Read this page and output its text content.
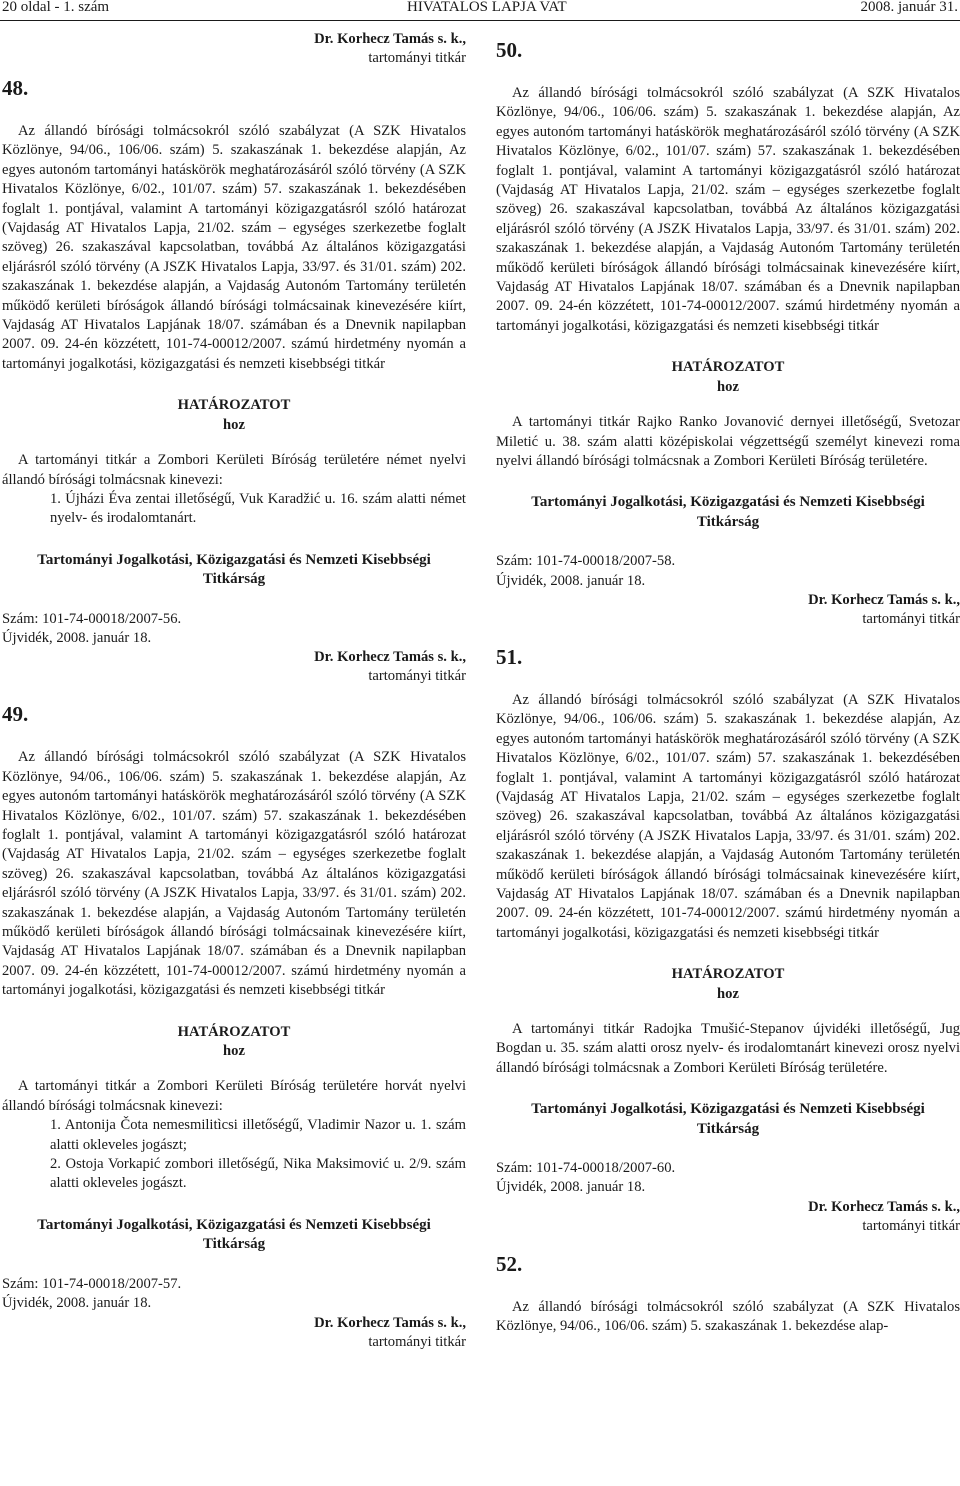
20 oldal - 1. szám	HIVATALOS LAPJA VAT	2008. január 31.
Dr. Korhecz Tamás s. k.,
tartományi titkár
48.

Az állandó bírósági tolmácsokról szóló szabályzat (A SZK Hivatalos Közlönye, 94/06., 106/06. szám) 5. szakaszának 1. bekezdése alapján, Az egyes autonóm tartományi hatáskörök meghatározásáról szóló törvény (A SZK Hivatalos Közlönye, 6/02., 101/07. szám) 57. szakaszának 1. bekezdésében foglalt 1. pontjával, valamint A tartományi közigazgatásról szóló határozat (Vajdaság AT Hivatalos Lapja, 21/02. szám – egységes szerkezetbe foglalt szöveg) 26. szakaszával kapcsolatban, továbbá Az általános közigazgatási eljárásról szóló törvény (A JSZK Hivatalos Lapja, 33/97. és 31/01. szám) 202. szakaszának 1. bekezdése alapján, a Vajdaság Autonóm Tartomány területén működő kerületi bíróságok állandó bírósági tolmácsainak kinevezésére kiírt, Vajdaság AT Hivatalos Lapjának 18/07. számában és a Dnevnik napilapban 2007. 09. 24-én közzétett, 101-74-00012/2007. számú hirdetmény nyomán a tartományi jogalkotási, közigazgatási és nemzeti kisebbségi titkár

HATÁROZATOT
hoz

A tartományi titkár a Zombori Kerületi Bíróság területére német nyelvi állandó bírósági tolmácsnak kinevezi:

1. Újházi Éva zentai illetőségű, Vuk Karadžić u. 16. szám alatti német nyelv- és irodalomtanárt.

Tartományi Jogalkotási, Közigazgatási és Nemzeti Kisebbségi
Titkárság

Szám: 101-74-00018/2007-56.

Újvidék, 2008. január 18.

Dr. Korhecz Tamás s. k.,
tartományi titkár
49.

Az állandó bírósági tolmácsokról szóló szabályzat (A SZK Hivatalos Közlönye, 94/06., 106/06. szám) 5. szakaszának 1. bekezdése alapján, Az egyes autonóm tartományi hatáskörök meghatározásáról szóló törvény (A SZK Hivatalos Közlönye, 6/02., 101/07. szám) 57. szakaszának 1. bekezdésében foglalt 1. pontjával, valamint A tartományi közigazgatásról szóló határozat (Vajdaság AT Hivatalos Lapja, 21/02. szám – egységes szerkezetbe foglalt szöveg) 26. szakaszával kapcsolatban, továbbá Az általános közigazgatási eljárásról szóló törvény (A JSZK Hivatalos Lapja, 33/97. és 31/01. szám) 202. szakaszának 1. bekezdése alapján, a Vajdaság Autonóm Tartomány területén működő kerületi bíróságok állandó bírósági tolmácsainak kinevezésére kiírt, Vajdaság AT Hivatalos Lapjának 18/07. számában és a Dnevnik napilapban 2007. 09. 24-én közzétett, 101-74-00012/2007. számú hirdetmény nyomán a tartományi jogalkotási, közigazgatási és nemzeti kisebbségi titkár

HATÁROZATOT
hoz

A tartományi titkár a Zombori Kerületi Bíróság területére horvát nyelvi állandó bírósági tolmácsnak kinevezi:

1. Antonija Čota nemesmilitìcsi illetőségű, Vladimir Nazor u. 1. szám alatti okleveles jogászt;

2. Ostoja Vorkapić zombori illetőségű, Nika Maksimović u. 2/9. szám alatti okleveles jogászt.

Tartományi Jogalkotási, Közigazgatási és Nemzeti Kisebbségi
Titkárság

Szám: 101-74-00018/2007-57.

Újvidék, 2008. január 18.

Dr. Korhecz Tamás s. k.,
tartományi titkár
50.

Az állandó bírósági tolmácsokról szóló szabályzat (A SZK Hivatalos Közlönye, 94/06., 106/06. szám) 5. szakaszának 1. bekezdése alapján, Az egyes autonóm tartományi hatáskörök meghatározásáról szóló törvény (A SZK Hivatalos Közlönye, 6/02., 101/07. szám) 57. szakaszának 1. bekezdésében foglalt 1. pontjával, valamint A tartományi közigazgatásról szóló határozat (Vajdaság AT Hivatalos Lapja, 21/02. szám – egységes szerkezetbe foglalt szöveg) 26. szakaszával kapcsolatban, továbbá Az általános közigazgatási eljárásról szóló törvény (A JSZK Hivatalos Lapja, 33/97. és 31/01. szám) 202. szakaszának 1. bekezdése alapján, a Vajdaság Autonóm Tartomány területén működő kerületi bíróságok állandó bírósági tolmácsainak kinevezésére kiírt, Vajdaság AT Hivatalos Lapjának 18/07. számában és a Dnevnik napilapban 2007. 09. 24-én közzétett, 101-74-00012/2007. számú hirdetmény nyomán a tartományi jogalkotási, közigazgatási és nemzeti kisebbségi titkár

HATÁROZATOT
hoz

A tartományi titkár Rajko Ranko Jovanović dernyei illetőségű, Svetozar Miletić u. 38. szám alatti középiskolai végzettségű személyt kinevezi roma nyelvi állandó bírósági tolmácsnak a Zombori Kerületi Bíróság területére.

Tartományi Jogalkotási, Közigazgatási és Nemzeti Kisebbségi
Titkárság

Szám: 101-74-00018/2007-58.

Újvidék, 2008. január 18.

Dr. Korhecz Tamás s. k.,
tartományi titkár
51.

Az állandó bírósági tolmácsokról szóló szabályzat (A SZK Hivatalos Közlönye, 94/06., 106/06. szám) 5. szakaszának 1. bekezdése alapján, Az egyes autonóm tartományi hatáskörök meghatározásáról szóló törvény (A SZK Hivatalos Közlönye, 6/02., 101/07. szám) 57. szakaszának 1. bekezdésében foglalt 1. pontjával, valamint A tartományi közigazgatásról szóló határozat (Vajdaság AT Hivatalos Lapja, 21/02. szám – egységes szerkezetbe foglalt szöveg) 26. szakaszával kapcsolatban, továbbá Az általános közigazgatási eljárásról szóló törvény (A JSZK Hivatalos Lapja, 33/97. és 31/01. szám) 202. szakaszának 1. bekezdése alapján, a Vajdaság Autonóm Tartomány területén működő kerületi bíróságok állandó bírósági tolmácsainak kinevezésére kiírt, Vajdaság AT Hivatalos Lapjának 18/07. számában és a Dnevnik napilapban 2007. 09. 24-én közzétett, 101-74-00012/2007. számú hirdetmény nyomán a tartományi jogalkotási, közigazgatási és nemzeti kisebbségi titkár

HATÁROZATOT
hoz

A tartományi titkár Radojka Tmušić-Stepanov újvidéki illetőségű, Jug Bogdan u. 35. szám alatti orosz nyelv- és irodalomtanárt kinevezi orosz nyelvi állandó bírósági tolmácsnak a Zombori Kerületi Bíróság területére.

Tartományi Jogalkotási, Közigazgatási és Nemzeti Kisebbségi
Titkárság

Szám: 101-74-00018/2007-60.

Újvidék, 2008. január 18.

Dr. Korhecz Tamás s. k.,
tartományi titkár
52.

Az állandó bírósági tolmácsokról szóló szabályzat (A SZK Hivatalos Közlönye, 94/06., 106/06. szám) 5. szakaszának 1. bekezdése alap-
